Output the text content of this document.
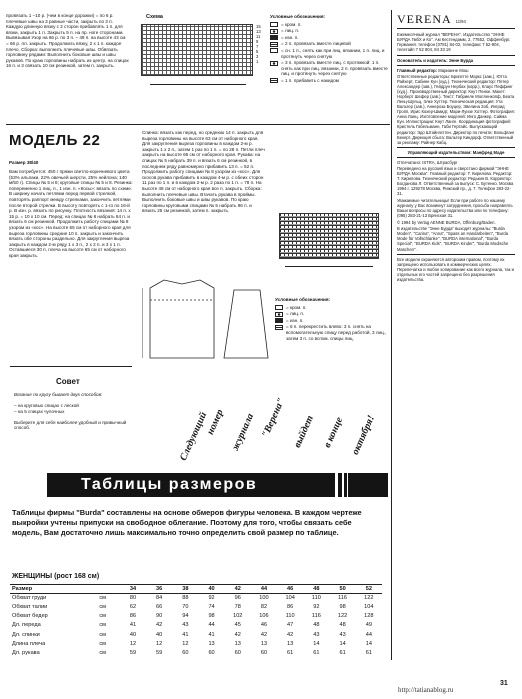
провязать 1 –10 р. (чем в конце дорожки) = по 6 р. плечевые швы на 3 равные части, закрыть по 3 п. Каждую длинную вязку с 2 сторон прибавлять 1 п. для вязки, закрыть 1 п. Закрыть 5 п. на пр. ноге сторонами. Вывязывая Узор на 66 р. по 3 п. – 49 п. на высоте 43 см = 66 р. пл. закрыть. Продолжать вязку, 2 х 1 п. каждое плечо. Сборка: выполнить плечевые швы. Обвязать горловину рядами: Выполнить боковые швы и швы рукавов. По краю горловины набрать из центр. на спицах 16 п. и 3 связать 10 см резинкой, затем п. закрыть.

Схема
15
13
11
9
7
5
3
1
Условные обозначения:
= кром. п.
= лиц. п.
= изн. п.
= 2 п. провязать вместе лицевой
= сн. 1 п., снять как при лиц. вязании, 1 п. лиц. и протянуть через снятую
= 3 п. провязать вместе лиц. с протяжкой: 1 п. снять как при лиц. вязании, 2 п. провязать вместе лиц. и протянуть через снятую
= 1 п. прибавить с накидом
МОДЕЛЬ 22
Размер 38/40

Вам потребуется: 450 г пряжи светло-коричневого цвета (53% альпаки, 22% овечьей шерсти, 25% нейлона; 140 м/50 г). Спицы № 5 и 8; круговые спицы № 5 и 8. Резинка: попеременно 1 лиц. п., 1 изн. п. «Косы»: вязать по схеме. В ширину начать петлями перед первой стрелкой, повторять раппорт между стрелками, закончить петлями после второй стрелки. В высоту повторять с 1-го по 16-й р. В изн. р. вязать по рисунку. Плотность вязания: 14 п. x 15 р. = 10 x 10 см. Перед: на спицах № 8 набрать 84 п. и вязать 6 см резинкой. Продолжить работу спицами № 8 узором из «кос». На высоте 65 см от наборного края для выреза горловины средние 10 п. закрыть и закончить вязать обе стороны раздельно. Для закругления выреза закрыть в каждом 2-м ряду 1 x 3 п., 2 x 2 п. и 3 x 1 п. Оставшиеся 30 п. плеча на высоте 65 см от наборного края закрыть.

Спинка: вязать как перед, но среднюю 14 п. закрыть для выреза горловины на высоте 63 см от наборного края. Для закругления выреза горловины в каждом 2-м р. закрыть 1 x 2 п., затем 1 раз по 1 п. = по 28 п. Петли плеч закрыть на высоте 66 см от наборного края. Рукава: на спицах № 5 набрать 39 п. и вязать 6 см резинкой, в последнем ряду равномерно прибавить 13 п. = 52 п. Продолжить работу спицами № 8 узором из «кос». Для скосов рукава прибавить в каждом 4-м р. с обеих сторон 11 раз по 1 п. и в каждом 2-м р. 2 раза по 1 п. = 78 п. На высоте 48 см от наборного края все п. закрыть. Сборка: выполнить плечевые швы. Втачать рукава в проймы. Выполнить боковые швы и швы рукавов. По краю горловины круговыми спицами № 5 набрать 96 п. и вязать 25 см резинкой, затем п. закрыть.

Условные обозначения:
= кром. п.
= лиц. п.
= изн. п.
= 6 п. перекрестить влево: 3 п. снять на вспомогательную спицу перед работой, 3 лиц., затем 3 п. со вспом. спицы лиц.
Совет

Вязание по кругу бывает двух способов:

– на круговых спицах с леской

– на 5 спицах чулочных

Выберите для себя наиболее удобный и привычный способ.	Следующий
номер журнала "Верена" выйдет в конце октября!
Таблицы размеров
Таблицы фирмы "Burda" составлены на основе обмеров фигуры человека. В каждом чертеже выкройки учтены припуски на свободное облегание. Поэтому для того, чтобы связать себе модель, Вам достаточно лишь максимально точно определить свой размер по таблице.
ЖЕНЩИНЫ (рост 168 см)
Размер		34	36	38	40	42	44	46	48	50	52
Обхват груди	см	80	84	88	92	96	100	104	110	116	122
Обхват талии	см	62	66	70	74	78	82	86	92	98	104
Обхват бедер	см	86	90	94	98	102	106	110	116	122	128
Дл. переда	см	41	42	43	44	45	46	47	48	48	49
Дл. спинки	см	40	40	41	41	42	42	42	43	43	44
Длина плеча	см	12	12	12	13	13	13	13	14	14	14
Дл. рукава	см	59	59	60	60	60	60	61	61	61	61
VERENA 11/94

Ежемесячный журнал "ВЕРЕНА". Издательство "ЭННЕ БУРДА ГмбХ и Ко". Ам Кестендамм, 2, 77652, Оффенбург, Германия. телефон (0781) 84-02, телефакс 7 52-804, телетайп 7 52 804, 84 33 19

Основатель и издатель: Энне Бурда

Главный редактор: Марианне Мош

Ответственные редакторы: Бригитте Маркс (зам.), Ютта Райхерт, Сабине Кун (худ.). Технический редактор: Петер Александер (зав.), Гейдрун Нербах (корр.), Клаус Пеффинг (худ.). Производственный директор: Кнут Пенке. Макет: Норберт Шефер (зав.). Текст: Габриеле Молленкопф, Беата Ленц-Шульц, Элке Хуттер. Техническая редакция: Ута Вальтер (зав.), Аннероза Боуцер, Эвелина Зоб, Ингрид Гропп, Ирис Кохер-Шмидт, Мари-Луизе Хоттер. Фотография: Анна Ланц. Изготовление моделей: Инго Данкер, Сайма Кун. Иллюстрации: Кнут Ланге. Координация фотографий: Кристель Габельманн, Габи Гертайс. Выпускающий редактор: Эдо Штайнгиттен. Директор по печати: Вольфганг Бекерт. Дирекция сбыта: Вальтер Киндорф. Ответственный за рекламу: Райнер Кабц.

Управляющий издательством: Манфред Маде

Отпечатано: ISTRA, Штрасбург

Переведено на русский язык и сверстано фирмой "ЭННЕ БУРДА Москва". Главный редактор: Т. Кирилова. Редактор: Т. Кирилова. Технический редактор: Редькин В. Корректор: Богданова Л. Ответственный за выпуск: С. Бутенко. Москва 1994 г. 129278 Москва, Рижский пр., д. 7. Телефон 283-22-31.

Уважаемые читательницы! Если при работе по нашему журналу у Вас возникнут затруднения, просьба направлять Ваши вопросы по адресу издательства или по телефону: (095) 283-21-13 Брянская 31.

© 1994 by Verlag AENNE BURDA, Offenburg/Baden.

В издательстве "Энне Бурда" выходят журналы: "Burda Moden", "Carina", "Anna", "Spass an Handarbeiten", "Burda Mode für Vollschlanke", "BURDA international", "Burda Special", "BURDA Kids", "BURDA Kinder", "Burda Modische Maschen".

Все модели охраняются авторским правом, поэтому их запрещено использовать в коммерческих целях. Перепечатка и любое копирование как всего журнала, так и отдельных его частей запрещено без разрешения издательства.

http://tatianablog.ru
31
